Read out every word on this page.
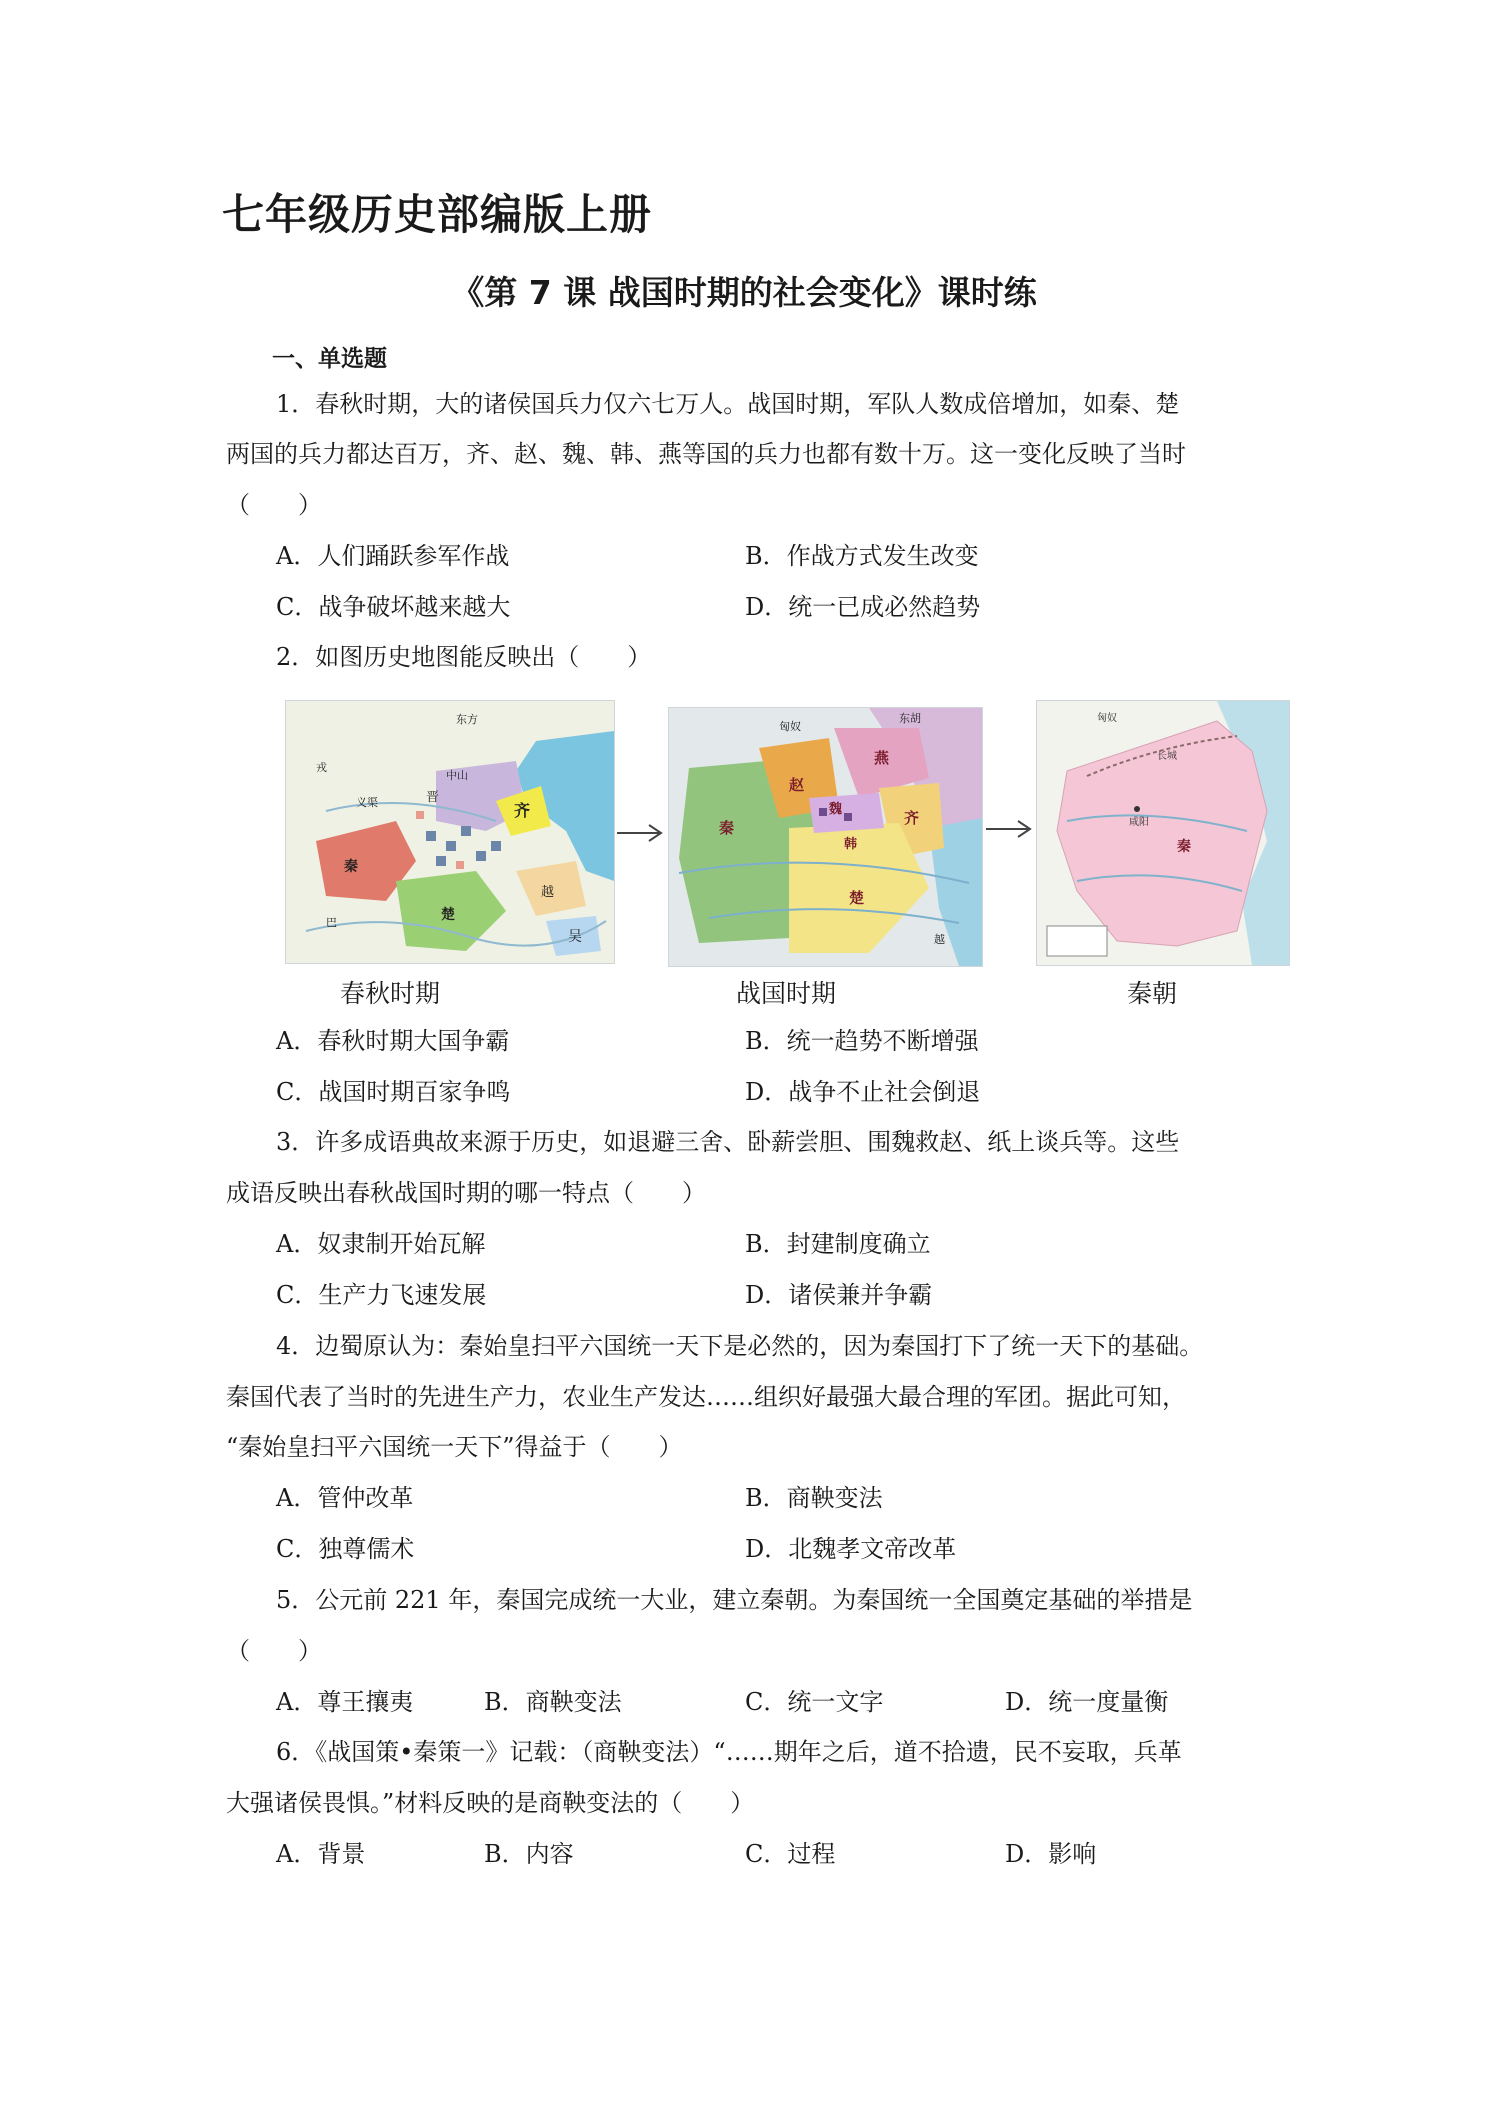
七年级历史部编版上册
《第 7 课 战国时期的社会变化》课时练
一、单选题
1．春秋时期，大的诸侯国兵力仅六七万人。战国时期，军队人数成倍增加，如秦、楚
两国的兵力都达百万，齐、赵、魏、韩、燕等国的兵力也都有数十万。这一变化反映了当时
（　　）
A．人们踊跃参军作战	B．作战方式发生改变
C．战争破坏越来越大	D．统一已成必然趋势
2．如图历史地图能反映出（　　）
东方
中山
齐
秦
楚
吴
越
义渠
戎
巴
晋
匈奴
东胡
燕
赵
齐
魏
韩
秦
楚
越
匈奴
咸阳
长城
秦
春秋时期	战国时期	秦朝
A．春秋时期大国争霸	B．统一趋势不断增强
C．战国时期百家争鸣	D．战争不止社会倒退
3．许多成语典故来源于历史，如退避三舍、卧薪尝胆、围魏救赵、纸上谈兵等。这些
成语反映出春秋战国时期的哪一特点（　　）
A．奴隶制开始瓦解	B．封建制度确立
C．生产力飞速发展	D．诸侯兼并争霸
4．边蜀原认为：秦始皇扫平六国统一天下是必然的，因为秦国打下了统一天下的基础。
秦国代表了当时的先进生产力，农业生产发达……组织好最强大最合理的军团。据此可知，
“秦始皇扫平六国统一天下”得益于（　　）
A．管仲改革	B．商鞅变法
C．独尊儒术	D．北魏孝文帝改革
5．公元前 221 年，秦国完成统一大业，建立秦朝。为秦国统一全国奠定基础的举措是
（　　）
A．尊王攘夷	B．商鞅变法	C．统一文字	D．统一度量衡
6．《战国策•秦策一》记载：（商鞅变法）“……期年之后，道不拾遗，民不妄取，兵革
大强诸侯畏惧。”材料反映的是商鞅变法的（　　）
A．背景	B．内容	C．过程	D．影响
